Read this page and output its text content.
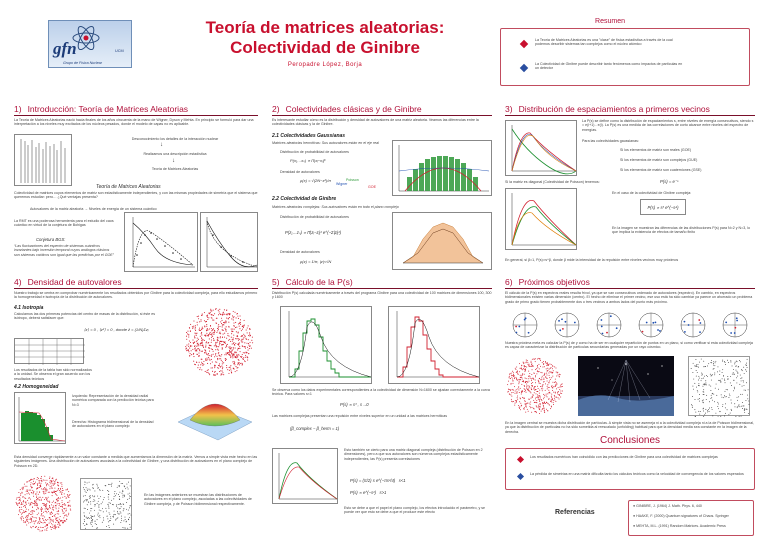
gfn	UCM
Grupo de Física Nuclear
Teoría de matrices aleatorias:
Colectividad de Ginibre
Peropadre López, Borja
Resumen
La Teoría de Matrices Aleatorias es una "clase" de física estadística a través de la cual podemos describir sistemas tan complejos como el núcleo atómico
La Colectividad de Ginibre puede describir tanto fenómenos como impactos de partículas en un detector
1) Introducción: Teoría de Matrices Aleatorias
La Teoría de Matrices Aleatorias nació hacia finales de los años cincuenta de la mano de Wigner, Dyson y Mehta. En principio se formuló para dar una interpretación a los niveles muy excitados de los núcleos pesados, donde el modelo de capas no es aplicable.
↓
Desconocimiento los detalles de la interacción nuclear
Realizamos una descripción estadística
↓
Teoría de Matrices Aleatorias
Teoría de Matrices Aleatorias
Colectividad de matrices cuyos elementos de matriz son estadísticamente independientes, y con las mismas propiedades de simetría que el sistema que queremos estudiar: pero… ¿Qué ventajas presenta?
Autovalores de la matriz aleatoria → Niveles de energía de un sistema cuántico
La RMT es una poderosa herramienta para el estudio del caos cuántico en virtud de la conjetura de Bohigas
Conjetura BGS:
“Las fluctuaciones del espectro de sistemas cuánticos invariantes bajo inversión temporal cuyos análogos clásicos son sistemas caóticos son igual que las predichas por el GOE”
2) Colectividades clásicas y de Ginibre
Es interesante estudiar cómo es la distribución y densidad de autovalores de una matriz aleatoria. Veamos las diferencias entre la colectividades clásicas y la de Ginibre.
2.1 Colectividades Gaussianas
Matrices aleatorias hermíticas: Sus autovalores están en el eje real
Distribución de probabilidad de autovalores
Densidad de autovalores
P(x₁…xₙ) ∝ Π|xᵢ−xⱼ|ᵝ
ρ(x) = √(2N−x²)/π
Wigner
Poisson
GOE
2.2 Colectividad de Ginibre
Matrices aleatorias complejas: Sus autovalores están en todo el plano complejo
Distribución de probabilidad de autovalores
P(z₁…zₙ) ∝ Π|zᵢ−zⱼ|² e^(−Σ|zᵢ|²)
Densidad de autovalores
ρ(z) = 1/π, |z|<√N
3) Distribución de espaciamientos a primeros vecinos
La P(s) se define como la distribución de espaciamientos s, entre niveles de energía consecutivos, siendo s = e(i+1) - e(i). La P(s) es una medida de las correlaciones de corto alcance entre niveles del espectro de energías.
Para las colectividades gaussianas:
Si los elementos de matriz son reales (GOE)
Si los elementos de matriz son complejos (GUE)
Si los elementos de matriz son cuaterniones (GSE)
Si la matriz es diagonal (Colectividad de Poisson) tenemos:	P(s) = e⁻ˢ
En el caso de la colectividad de Ginibre compleja:
P(s) ∝ s³ e^(−s⁴)
En la imagen se muestran las diferencias de las distribuciones P(s) para N=2 y N=3, lo que implica la existencia de efectos de tamaño finito
En general, si β=1, P(s)∝s^β, donde β mide la intensidad de la repulsión entre niveles vecinos muy próximos
4) Densidad de autovalores
Nuestro trabajo se centra en comprobar numéricamente los resultados obtenidos por Ginibre para la colectividad compleja, para ello estudiamos primero la homogeneidad e isotropía de la distribución de autovalores.
4.1 Isotropía
Calculamos las dos primeras potencias del centro de masas de la distribución, si éste es isótropo, deberá satisfacer que:
⟨z⟩ = 0 , ⟨z²⟩ = 0 , donde z̄ = (1/N)Σzᵢ
Los resultados de la tabla han sido normalizados a la unidad. Se observa el gran acuerdo con los resultados teóricos
4.2 Homogeneidad
Izquierda: Representación de la densidad radial numérica comparada con la predicción teórica para N=3
Derecha: Histograma tridimensional de la densidad de autovalores en el plano complejo
Esta densidad converge rápidamente a un valor constante a medida que aumentamos la dimensión de la matriz. Vemos a simple vista este hecho en las siguientes imágenes. Una distribución de autovalores asociada a la colectividad de Ginibre, y una distribución de autovalores en el plano complejo de Poisson en 2D.
En las imágenes anteriores se muestran las distribuciones de autovalores en el plano complejo, asociadas a las colectividades de Ginibre compleja, y de Poisson bidimensional respectivamente.
5) Cálculo de la P(s)
Distribución P(s) calculada numéricamente a través del programa Ginibre para una colectividad de 100 matrices de dimensiones 100, 300 y 1600
Se observa como los datos experimentales correspondientes a la colectividad de dimensión N=1600 se ajustan correctamente a la curva teórica. Para valores s<1
P(s) ∝ s³ , s→0
Las matrices complejas presentan una repulsión entre niveles superior en un unidad a las matrices hermíticas
(β_complex − β_herm = 1)
Esto también se cierto para una matriz diagonal compleja (distribución de Poisson en 2 dimensiones), pero a que sus autovalores son números complejos estadísticamente independientes, las P(s) presenta correlaciones
P(s) = (π/2) s e^(−πs²/4)   s<1
P(s) ∝ e^(−s²)   s>1
Esto se debe a que el papel el plano complejo, los efectos introducido el parámetro, y se puede ver que esto se debe a que el produce este efecto
6) Próximos objetivos
El cálculo de la P(s) en espectros reales resulta frívol, ya que se van consecutivos ordenado de autovalores (espectro). En cambio, en espectros bidimensionales existen varias dimensión (centro). El hecho de eliminar el primer vecino, ese uso está ha sido cambiar ya parece un ahorrado un problema grado de primo grado tienen probablemente dos o tres vecinos a ambos lados del punto más próximo.
Nuestra próxima meta es calcular la P(s) de y como ha de ser en cualquier repartición de puntos en un plano, si como verificar si esta colectividad compleja es capaz de caracterizar la distribución de partículas secundarias generadas por un rayo cósmico.
En la imagen central se muestra dicha distribución de partículas. A simple vista no se asemeja ni a la colectividad compleja ni a la de Poisson bidimensional, ya que la distribución de partículas no ha sido sometida al reescalado (unfolding) habitual para que la densidad media sea constante en la imagen de la derecha.
Conclusiones
Los resultados numéricos han coincidido con las predicciones de Ginibre para una colectividad de matrices complejas
La pérdida de simetrías en una matriz dificulta tanto los cálculos teóricos como la velocidad de convergencia de los valores esperados
Referencias
● GINIBRE, J. (1964) J. Math. Phys. 6, 440
● HAAKE, F. (2000) Quantum signatures of Chaos. Springer
● MEHTA, M.L. (1991) Random Matrices. Academic Press
